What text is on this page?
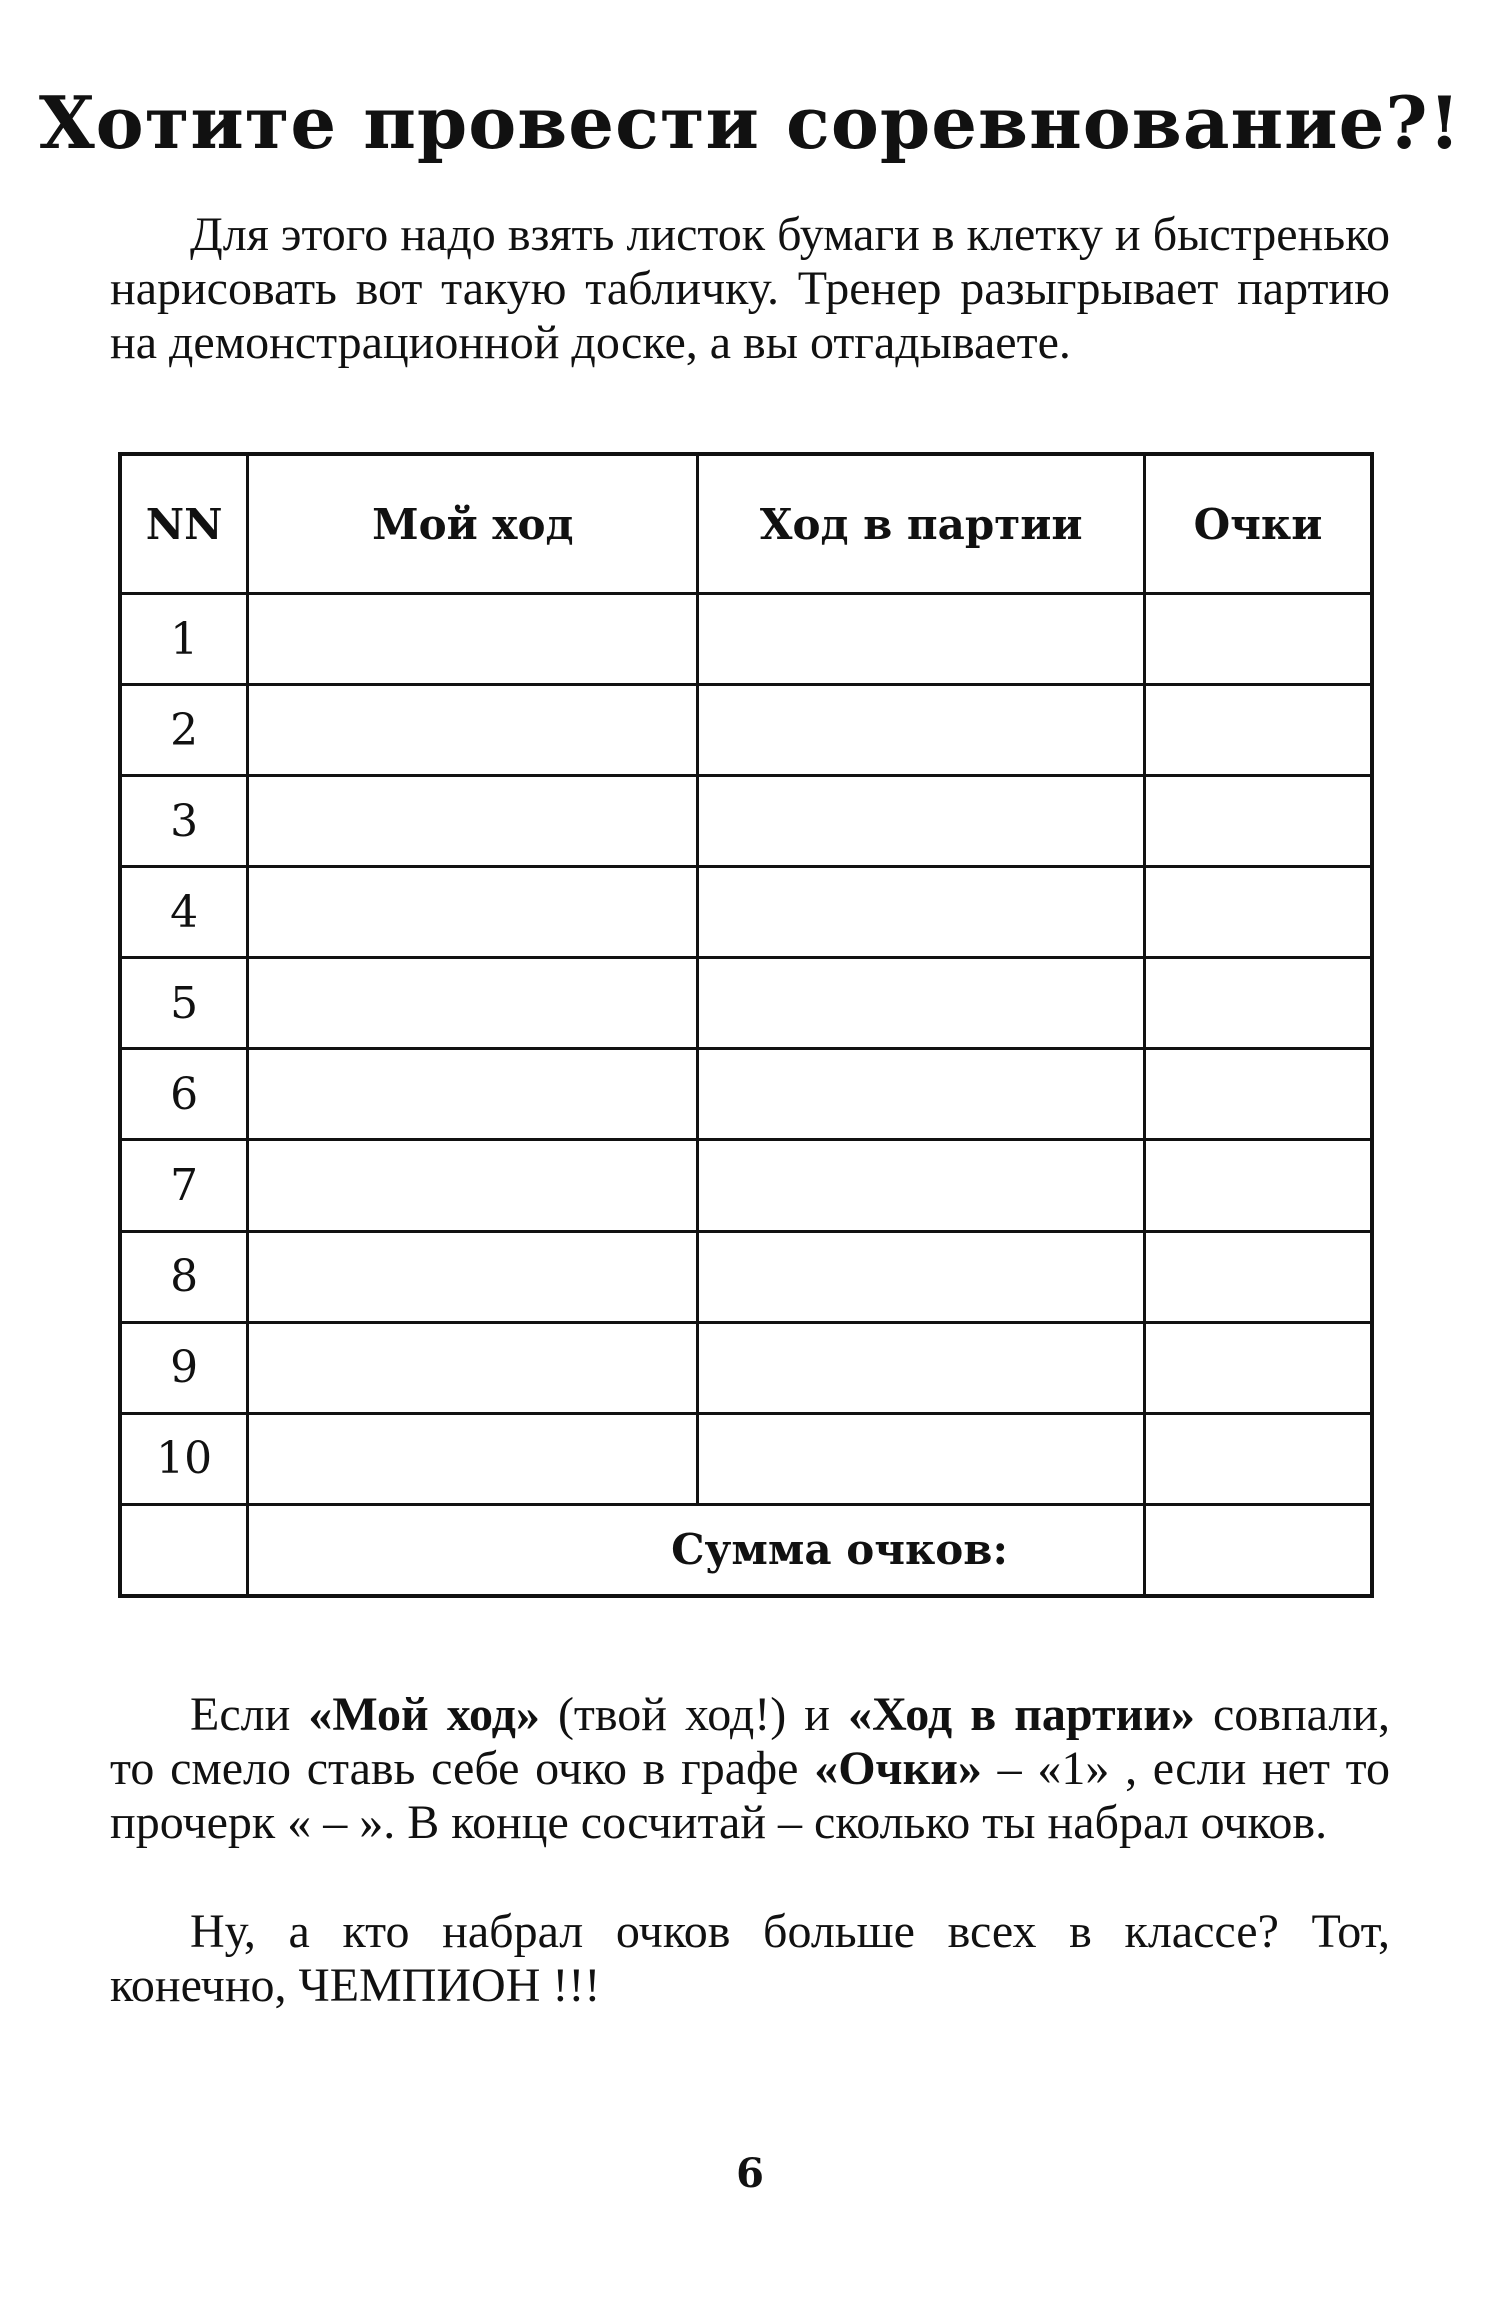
Хотите провести соревнование?!
Для этого надо взять листок бумаги в клетку и быстренько нарисовать вот такую табличку. Тренер разыгрывает партию на демонстрационной доске, а вы отгадываете.
NN	Мой ход	Ход в партии	Очки
1			
2			
3			
4			
5			
6			
7			
8			
9			
10			
	Сумма очков:		
Если «Мой ход» (твой ход!) и «Ход в партии» совпали, то смело ставь себе очко в графе «Очки» – «1» , если нет то прочерк « – ». В конце сосчитай – сколько ты набрал очков.
Ну, а кто набрал очков больше всех в классе? Тот, конечно, ЧЕМПИОН !!!
6
